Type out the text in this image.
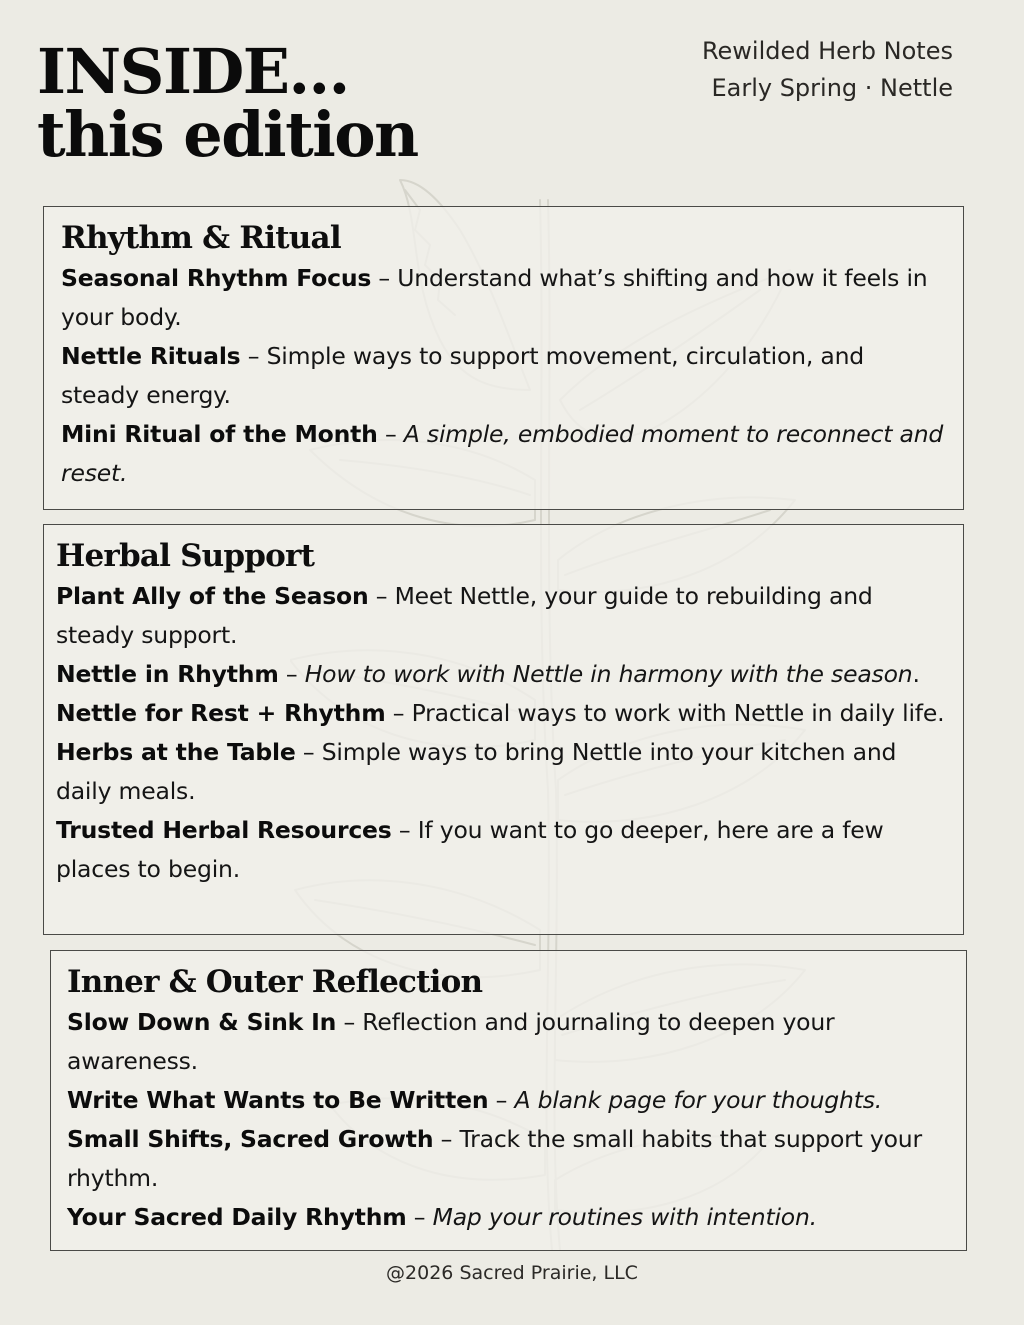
INSIDE...
this edition
Rewilded Herb Notes
Early Spring · Nettle
Rhythm & Ritual

Seasonal Rhythm Focus – Understand what’s shifting and how it feels in your body.

Nettle Rituals – Simple ways to support movement, circulation, and steady energy.

Mini Ritual of the Month – A simple, embodied moment to reconnect and reset.

Herbal Support

Plant Ally of the Season – Meet Nettle, your guide to rebuilding and steady support.

Nettle in Rhythm – How to work with Nettle in harmony with the season.

Nettle for Rest + Rhythm – Practical ways to work with Nettle in daily life.

Herbs at the Table – Simple ways to bring Nettle into your kitchen and daily meals.

Trusted Herbal Resources – If you want to go deeper, here are a few places to begin.

Inner & Outer Reflection

Slow Down & Sink In – Reflection and journaling to deepen your awareness.

Write What Wants to Be Written – A blank page for your thoughts.

Small Shifts, Sacred Growth – Track the small habits that support your rhythm.

Your Sacred Daily Rhythm – Map your routines with intention.

@2026 Sacred Prairie, LLC
